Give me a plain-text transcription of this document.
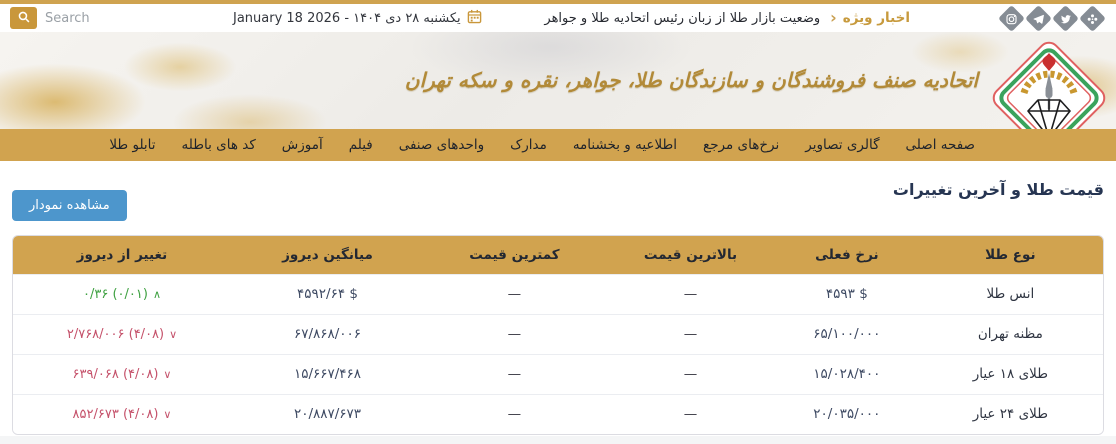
Search
یکشنبه ۲۸ دی ۱۴۰۴ - January 18 2026	وضعیت بازار طلا از زبان رئیس اتحادیه طلا و جواهر › اخبار ویژه
اتحادیه صنف فروشندگان و سازندگان طلا، جواهر، نقره و سکه تهران
صفحه اصلی
گالری تصاویر
نرخ‌های مرجع
اطلاعیه و بخشنامه
مدارک
واحدهای صنفی
فیلم
آموزش
کد های باطله
تابلو طلا
قیمت طلا و آخرین تغییرات
مشاهده نمودار
نوع طلا	نرخ فعلی	بالاترین قیمت	کمترین قیمت	میانگین دیروز	تغییر از دیروز
انس طلا	۴۵۹۳ $	—	—	۴۵۹۲/۶۴ $	۰/۳۶ (۰/۰۱) ∧

مظنه تهران	۶۵/۱۰۰/۰۰۰	—	—	۶۷/۸۶۸/۰۰۶	۲/۷۶۸/۰۰۶ (۴/۰۸) ∨

طلای ۱۸ عیار	۱۵/۰۲۸/۴۰۰	—	—	۱۵/۶۶۷/۴۶۸	۶۳۹/۰۶۸ (۴/۰۸) ∨

طلای ۲۴ عیار	۲۰/۰۳۵/۰۰۰	—	—	۲۰/۸۸۷/۶۷۳	۸۵۲/۶۷۳ (۴/۰۸) ∨
